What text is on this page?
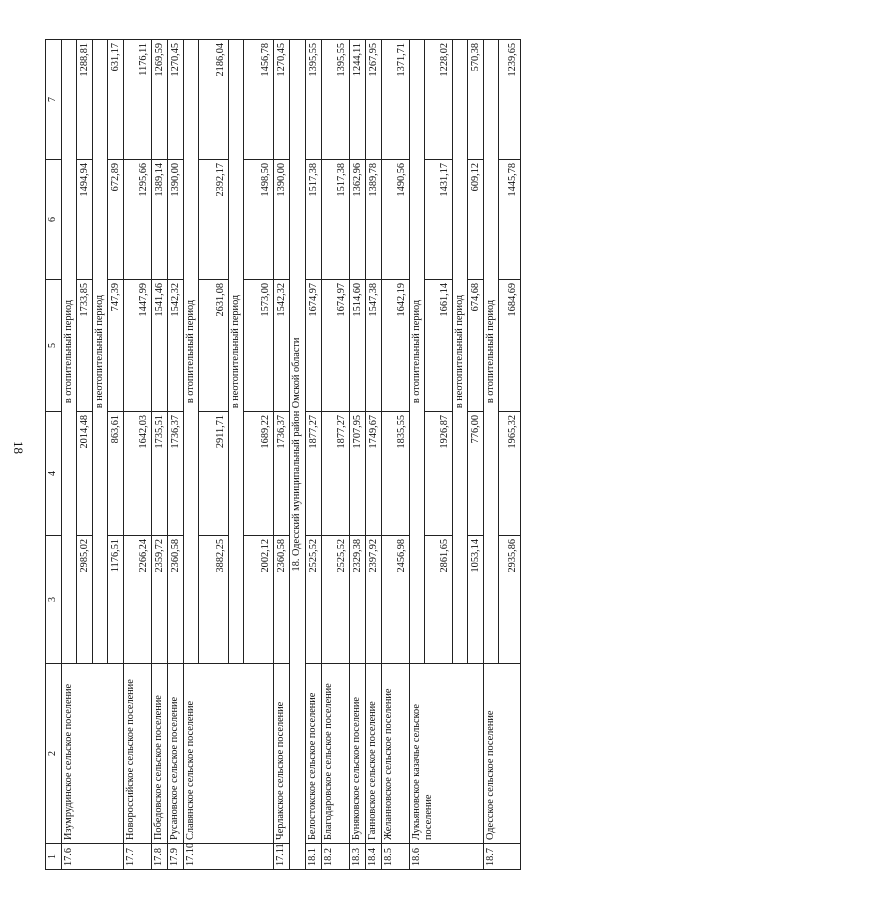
18
1	2	3	4	5	6	7
17.6	Изумрудинское сельское поселение	в отопительный период				
		2985,02	2014,48	1733,85	1494,94	1288,81
		в неотопительный период				
		1176,51	863,61	747,39	672,89	631,17
17.7	Новороссийское сельское поселение	2266,24	1642,03	1447,99	1295,66	1176,11
17.8	Победовское сельское поселение	2359,72	1735,51	1541,46	1389,14	1269,59
17.9	Русановское сельское поселение	2360,58	1736,37	1542,32	1390,00	1270,45
17.10	Славянское сельское поселение	в отопительный период				
		3882,25	2911,71	2631,08	2392,17	2186,04
		в неотопительный период				
		2002,12	1689,22	1573,00	1498,50	1456,78
17.11	Черлакское сельское поселение	2360,58	1736,37	1542,32	1390,00	1270,45
18. Одесский муниципальный район Омской области						
18.1	Белостокское сельское поселение	2525,52	1877,27	1674,97	1517,38	1395,55
18.2	Благодаровское сельское поселение	2525,52	1877,27	1674,97	1517,38	1395,55
18.3	Буняковское сельское поселение	2329,38	1707,95	1514,60	1362,96	1244,11
18.4	Ганновское сельское поселение	2397,92	1749,67	1547,38	1389,78	1267,95
18.5	Желанновское сельское поселение	2456,98	1835,55	1642,19	1490,56	1371,71
18.6	Лукьяновское казачье сельское поселение	в отопительный период				
		2861,65	1926,87	1661,14	1431,17	1228,02
		в неотопительный период				
		1053,14	776,00	674,68	609,12	570,38
18.7	Одесское сельское поселение	в отопительный период				
		2935,86	1965,32	1684,69	1445,78	1239,65
